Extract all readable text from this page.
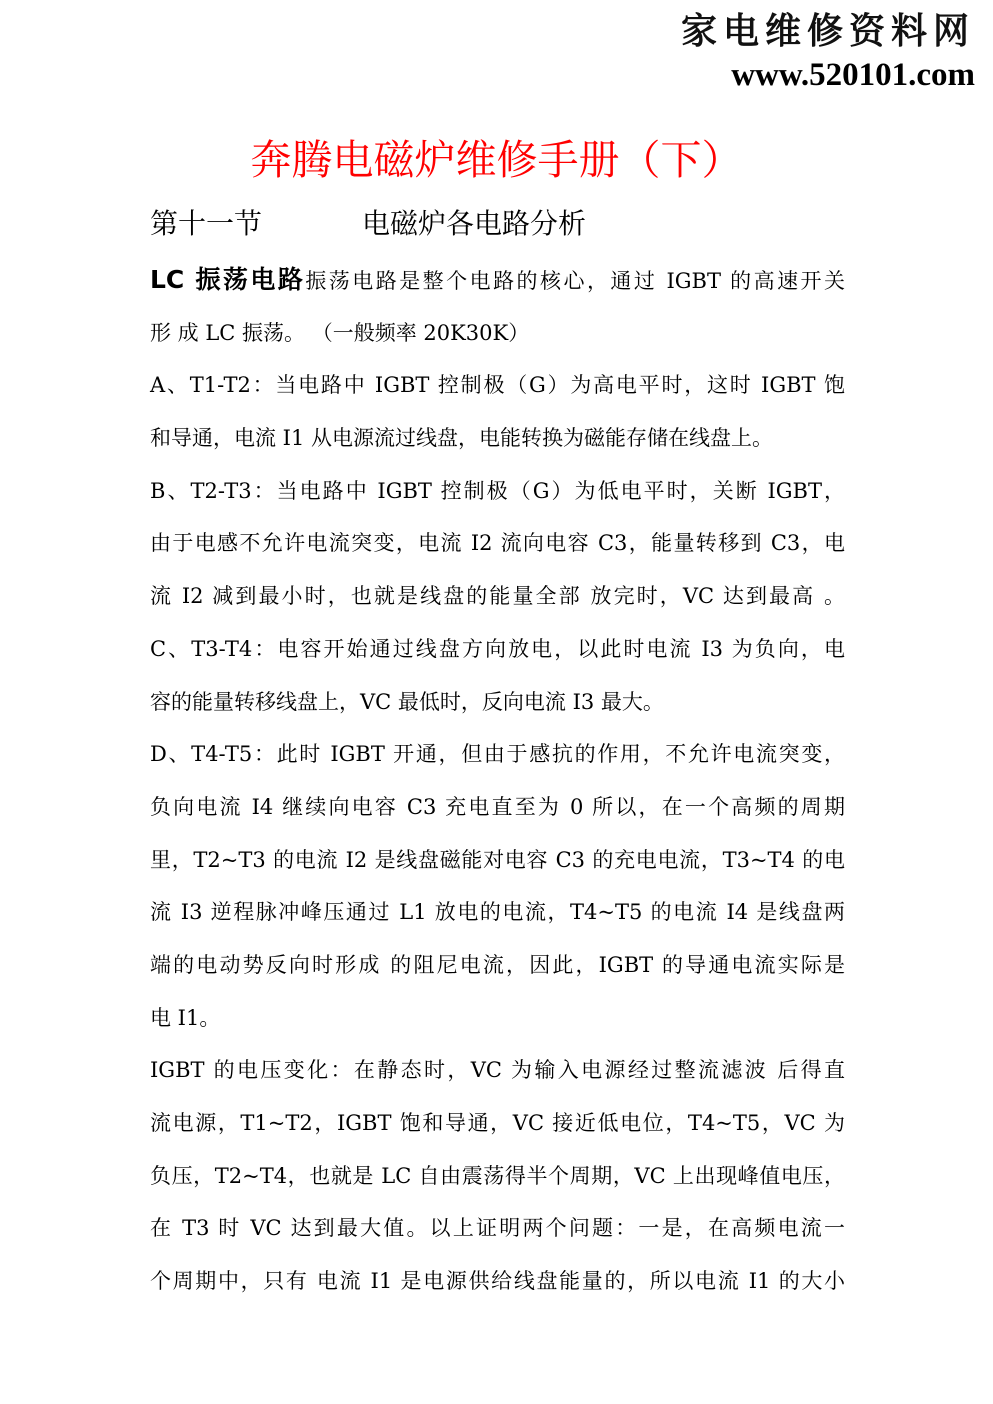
家电维修资料网
www.520101.com
奔腾电磁炉维修手册（下）
第十一节	电磁炉各电路分析
LC 振荡电路振荡电路是整个电路的核心，通过 IGBT 的高速开关
形 成 LC 振荡。 （一般频率 20K30K）
A、T1-T2：当电路中 IGBT 控制极（G）为高电平时，这时 IGBT 饱
和导通，电流 I1 从电源流过线盘，电能转换为磁能存储在线盘上。
B、T2-T3：当电路中 IGBT 控制极（G）为低电平时，关断 IGBT，
由于电感不允许电流突变，电流 I2 流向电容 C3，能量转移到 C3，电
流 I2 减到最小时，也就是线盘的能量全部 放完时，VC 达到最高 。
C、T3-T4：电容开始通过线盘方向放电，以此时电流 I3 为负向，电
容的能量转移线盘上，VC 最低时，反向电流 I3 最大。
D、T4-T5：此时 IGBT 开通，但由于感抗的作用，不允许电流突变，
负向电流 I4 继续向电容 C3 充电直至为 0 所以，在一个高频的周期
里，T2~T3 的电流 I2 是线盘磁能对电容 C3 的充电电流，T3~T4 的电
流 I3 逆程脉冲峰压通过 L1 放电的电流，T4~T5 的电流 I4 是线盘两
端的电动势反向时形成 的阻尼电流，因此，IGBT 的导通电流实际是
电 I1。
IGBT 的电压变化：在静态时，VC 为输入电源经过整流滤波 后得直
流电源，T1~T2，IGBT 饱和导通，VC 接近低电位，T4~T5，VC 为
负压，T2~T4，也就是 LC 自由震荡得半个周期，VC 上出现峰值电压，
在 T3 时 VC 达到最大值。以上证明两个问题：一是，在高频电流一
个周期中，只有 电流 I1 是电源供给线盘能量的，所以电流 I1 的大小
